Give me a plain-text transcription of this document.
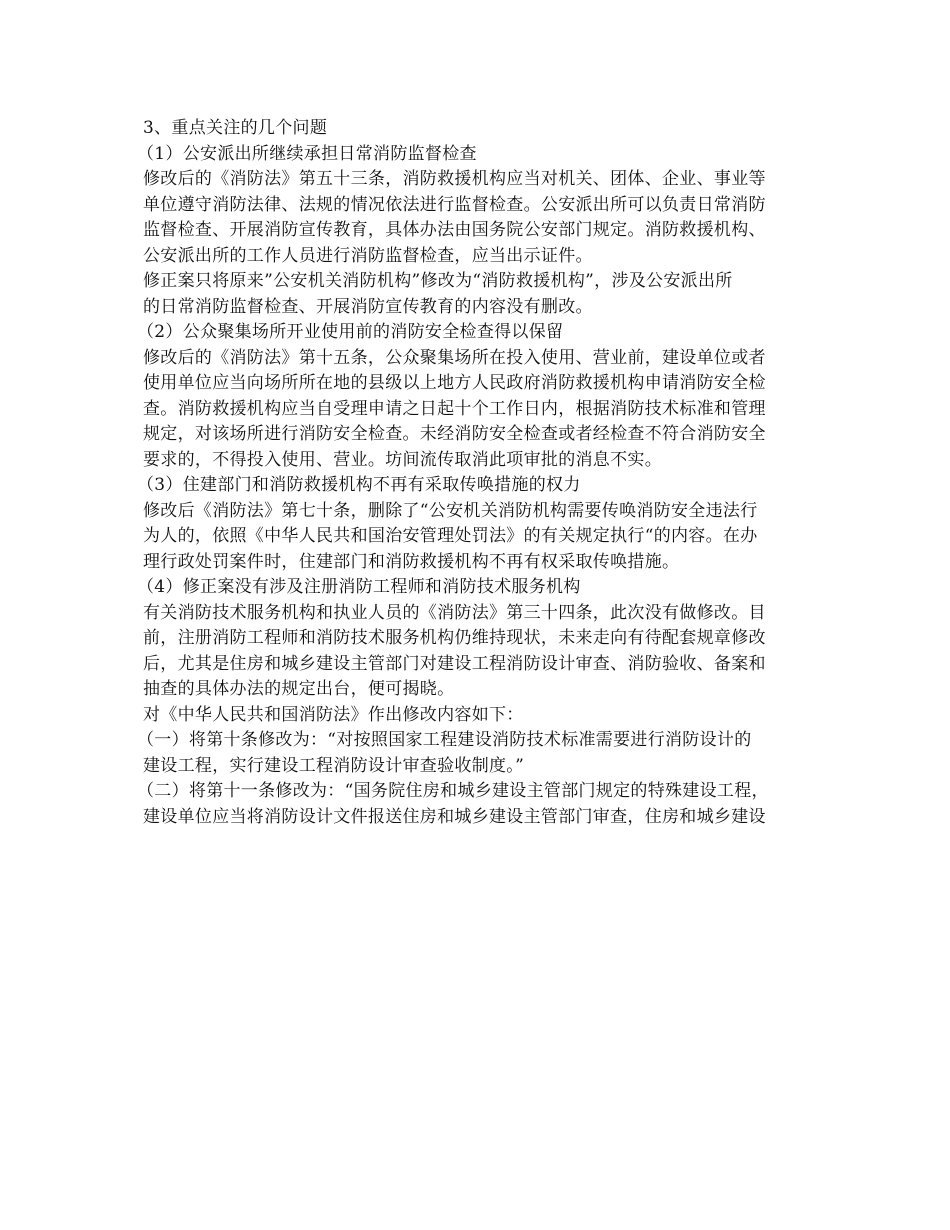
3、重点关注的几个问题

（1）公安派出所继续承担日常消防监督检查

修改后的《消防法》第五十三条，消防救援机构应当对机关、团体、企业、事业等

单位遵守消防法律、法规的情况依法进行监督检查。公安派出所可以负责日常消防

监督检查、开展消防宣传教育，具体办法由国务院公安部门规定。消防救援机构、

公安派出所的工作人员进行消防监督检查，应当出示证件。

修正案只将原来”公安机关消防机构”修改为“消防救援机构”，涉及公安派出所

的日常消防监督检查、开展消防宣传教育的内容没有删改。

（2）公众聚集场所开业使用前的消防安全检查得以保留

修改后的《消防法》第十五条，公众聚集场所在投入使用、营业前，建设单位或者

使用单位应当向场所所在地的县级以上地方人民政府消防救援机构申请消防安全检

查。消防救援机构应当自受理申请之日起十个工作日内，根据消防技术标准和管理

规定，对该场所进行消防安全检查。未经消防安全检查或者经检查不符合消防安全

要求的，不得投入使用、营业。坊间流传取消此项审批的消息不实。

（3）住建部门和消防救援机构不再有采取传唤措施的权力

修改后《消防法》第七十条，删除了“公安机关消防机构需要传唤消防安全违法行

为人的，依照《中华人民共和国治安管理处罚法》的有关规定执行“的内容。在办

理行政处罚案件时，住建部门和消防救援机构不再有权采取传唤措施。

（4）修正案没有涉及注册消防工程师和消防技术服务机构

有关消防技术服务机构和执业人员的《消防法》第三十四条，此次没有做修改。目

前，注册消防工程师和消防技术服务机构仍维持现状，未来走向有待配套规章修改

后，尤其是住房和城乡建设主管部门对建设工程消防设计审查、消防验收、备案和

抽查的具体办法的规定出台，便可揭晓。

对《中华人民共和国消防法》作出修改内容如下：

（一）将第十条修改为：“对按照国家工程建设消防技术标准需要进行消防设计的

建设工程，实行建设工程消防设计审查验收制度。”

（二）将第十一条修改为：“国务院住房和城乡建设主管部门规定的特殊建设工程，

建设单位应当将消防设计文件报送住房和城乡建设主管部门审查，住房和城乡建设
